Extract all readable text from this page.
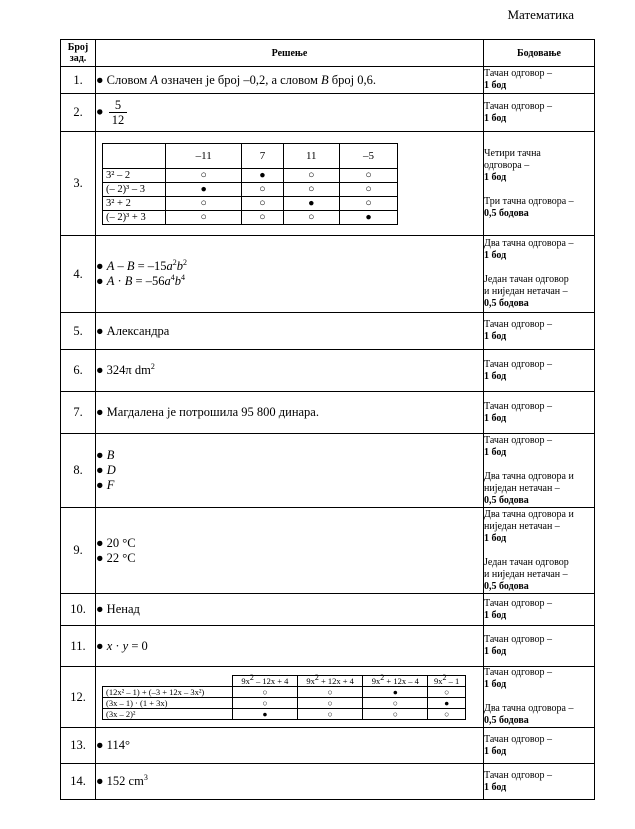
Математика
Број зад.	Решење	Бодовање
1.	● Словом A означен је број –0,2, а словом B број 0,6.	Тачан одговор –
1 бод

2.	● $\frac{5}{12}$	Тачан одговор –
1 бод

3.	
	–11	7	11	–5
3² – 2	○	●	○	○
(– 2)³ – 3	●	○	○	○
3² + 2	○	○	●	○
(– 2)³ + 3	○	○	○	●

Четири тачна
одговора –
1 бод
Три тачна одговора –
0,5 бодова

4.	
● $A - B = -15a^2b^2$
● $A \cdot B = -56a^4b^4$

Два тачна одговора –
1 бод
Један тачан одговор
и ниједан нетачан –
0,5 бодова

5.	● Александра	Тачан одговор –
1 бод

6.	● 324π $dm^2$	Тачан одговор –
1 бод

7.	● Магдалена је потрошила 95 800 динара.	Тачан одговор –
1 бод

8.	
● B
● D
● F

Тачан одговор –
1 бод
Два тачна одговора и
ниједан нетачан –
0,5 бодова

9.	
● 20 °C
● 22 °C

Два тачна одговора и
ниједан нетачан –
1 бод
Један тачан одговор
и ниједан нетачан –
0,5 бодова

10.	● Ненад	Тачан одговор –
1 бод

11.	● x · y = 0	Тачан одговор –
1 бод

12.	
	$9x^2 - 12x + 4$	$9x^2 + 12x + 4$	$9x^2 + 12x - 4$	$9x^2 - 1$
(12x² – 1) + (–3 + 12x – 3x²)	○	○	●	○
(3x – 1) · (1 + 3x)	○	○	○	●
(3x – 2)²	●	○	○	○

Тачан одговор –
1 бод
Два тачна одговора –
0,5 бодова

13.	● 114°	Тачан одговор –
1 бод

14.	● 152 $cm^3$	Тачан одговор –
1 бод
